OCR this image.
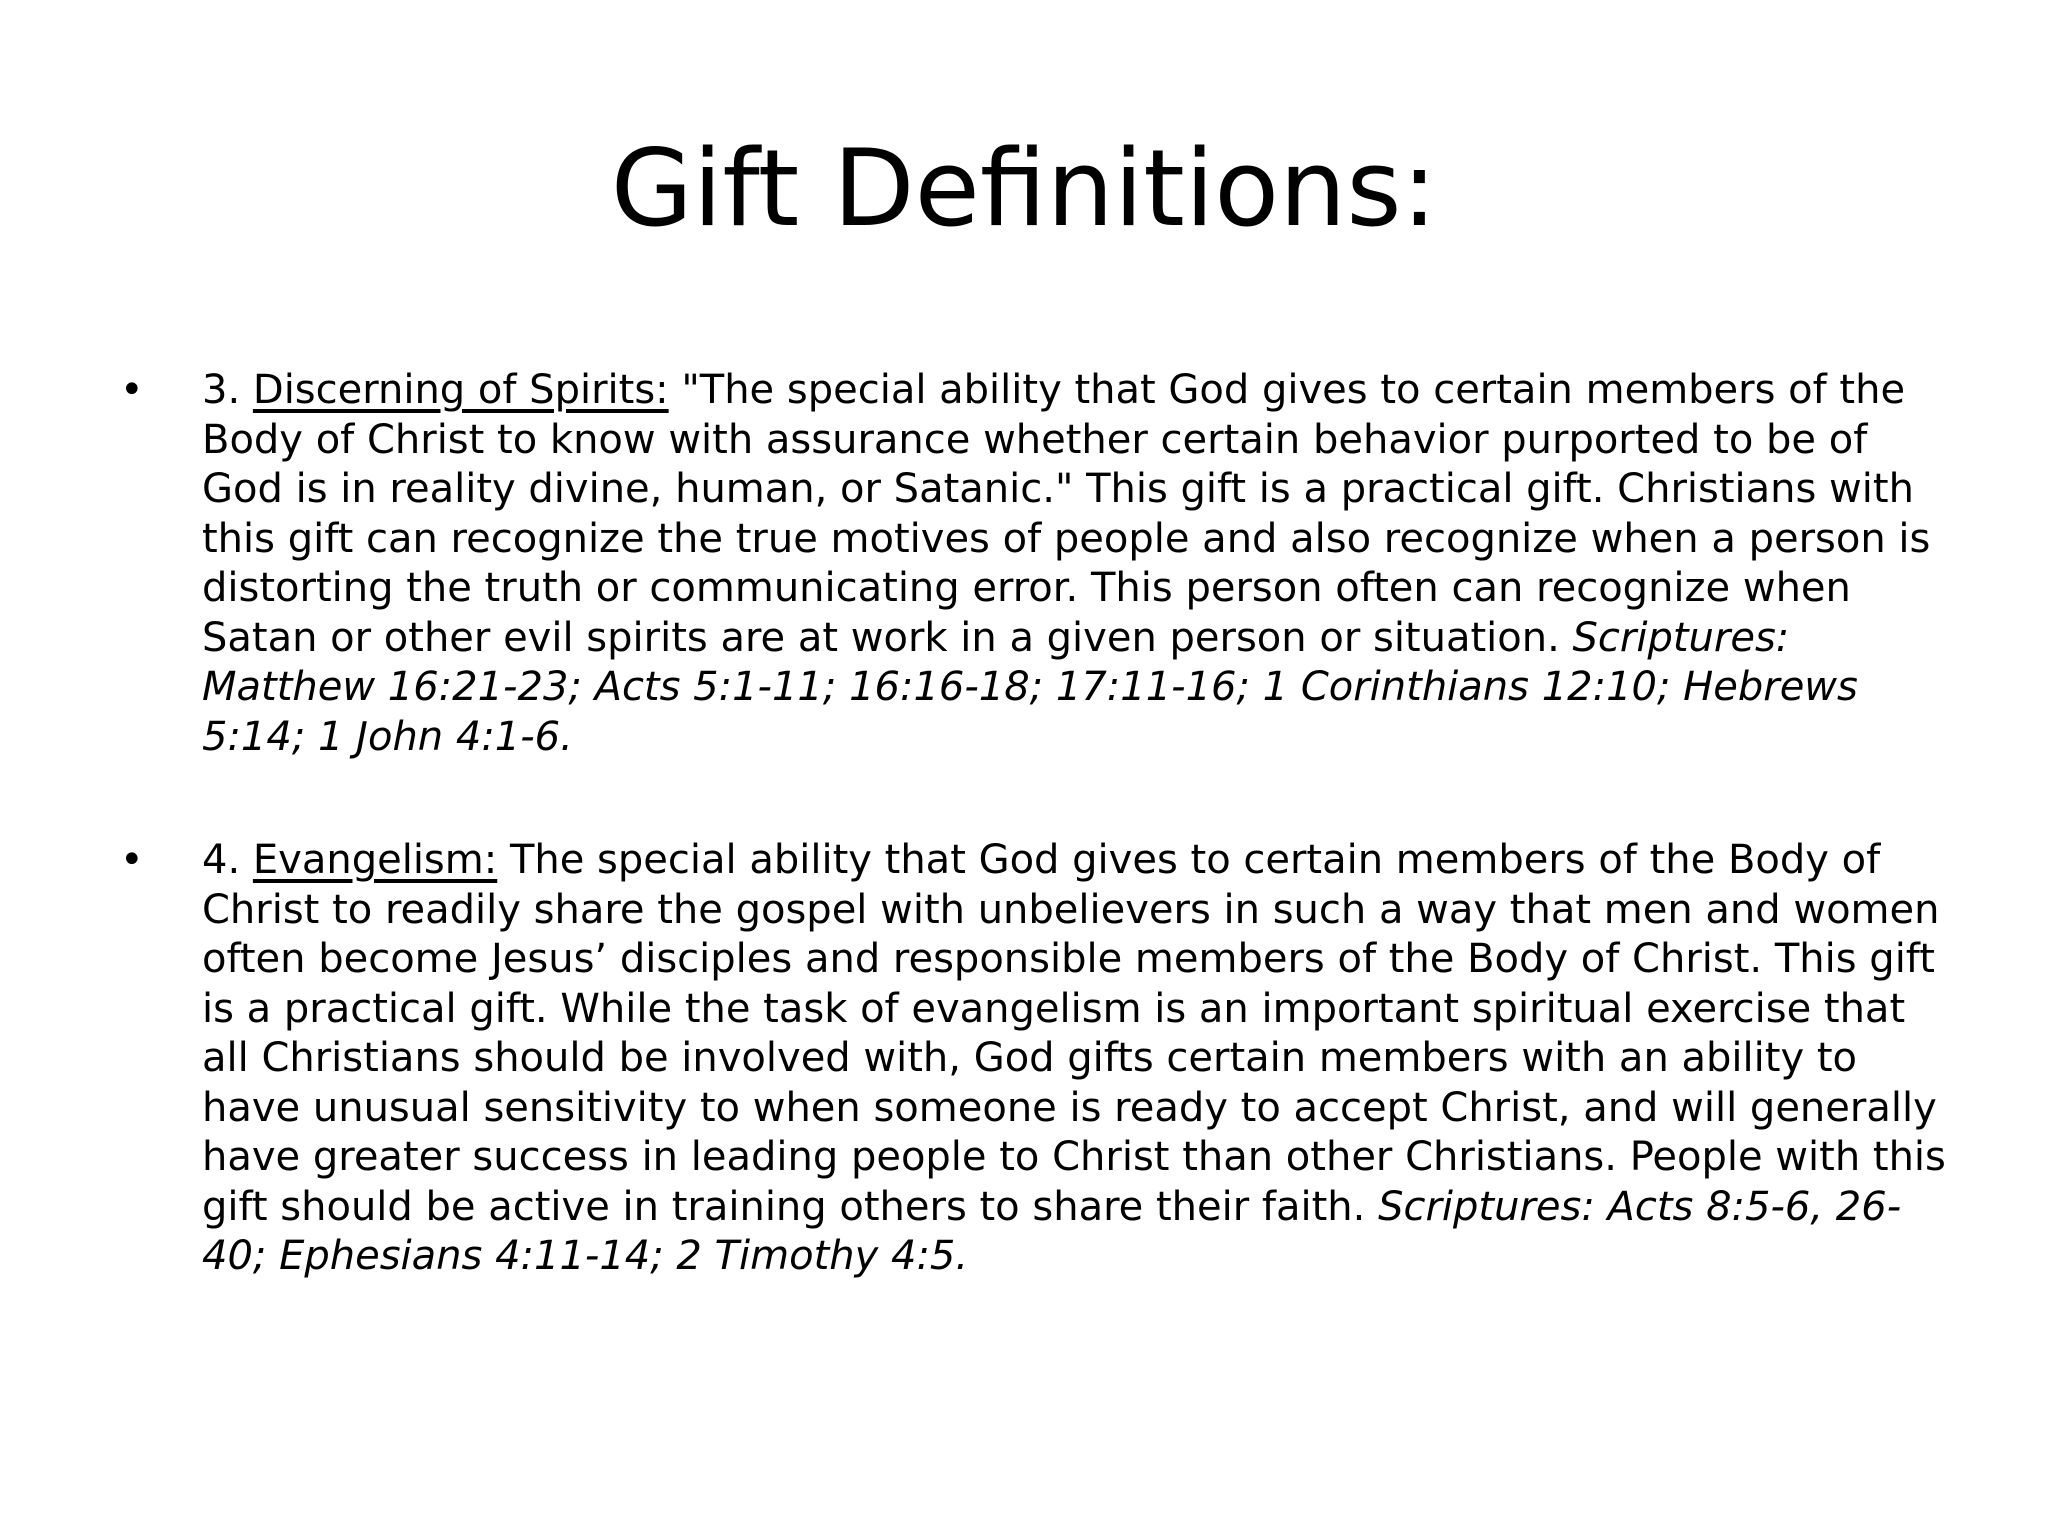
Gift Definitions:
• 3. Discerning of Spirits: "The special ability that God gives to certain members of the Body of Christ to know with assurance whether certain behavior purported to be of God is in reality divine, human, or Satanic." This gift is a practical gift. Christians with this gift can recognize the true motives of people and also recognize when a person is distorting the truth or communicating error. This person often can recognize when Satan or other evil spirits are at work in a given person or situation. Scriptures: Matthew 16:21-23; Acts 5:1-11; 16:16-18; 17:11-16; 1 Corinthians 12:10; Hebrews 5:14; 1 John 4:1-6.
• 4. Evangelism: The special ability that God gives to certain members of the Body of Christ to readily share the gospel with unbelievers in such a way that men and women often become Jesus’ disciples and responsible members of the Body of Christ. This gift is a practical gift. While the task of evangelism is an important spiritual exercise that all Christians should be involved with, God gifts certain members with an ability to have unusual sensitivity to when someone is ready to accept Christ, and will generally have greater success in leading people to Christ than other Christians. People with this gift should be active in training others to share their faith. Scriptures: Acts 8:5-6, 26-40; Ephesians 4:11-14; 2 Timothy 4:5.
